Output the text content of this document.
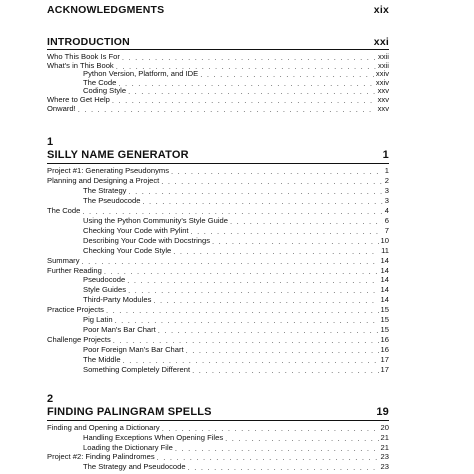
ACKNOWLEDGMENTS	xix
INTRODUCTION	xxi
Who This Book Is For . . .	xxii
What's in This Book . . .	xxii
Python Version, Platform, and IDE . . .	xxiv
The Code . . .	xxiv
Coding Style . . .	xxv
Where to Get Help . . .	xxv
Onward! . . .	xxv
1
SILLY NAME GENERATOR	1
Project #1: Generating Pseudonyms . . .	1
Planning and Designing a Project . . .	2
The Strategy . . .	3
The Pseudocode . . .	3
The Code . . .	4
Using the Python Community's Style Guide . . .	6
Checking Your Code with Pylint . . .	7
Describing Your Code with Docstrings . . .	10
Checking Your Code Style . . .	11
Summary . . .	14
Further Reading . . .	14
Pseudocode . . .	14
Style Guides . . .	14
Third-Party Modules . . .	14
Practice Projects . . .	15
Pig Latin . . .	15
Poor Man's Bar Chart . . .	15
Challenge Projects . . .	16
Poor Foreign Man's Bar Chart . . .	16
The Middle . . .	17
Something Completely Different . . .	17
2
FINDING PALINGRAM SPELLS	19
Finding and Opening a Dictionary . . .	20
Handling Exceptions When Opening Files . . .	21
Loading the Dictionary File . . .	21
Project #2: Finding Palindromes . . .	23
The Strategy and Pseudocode . . .	23
